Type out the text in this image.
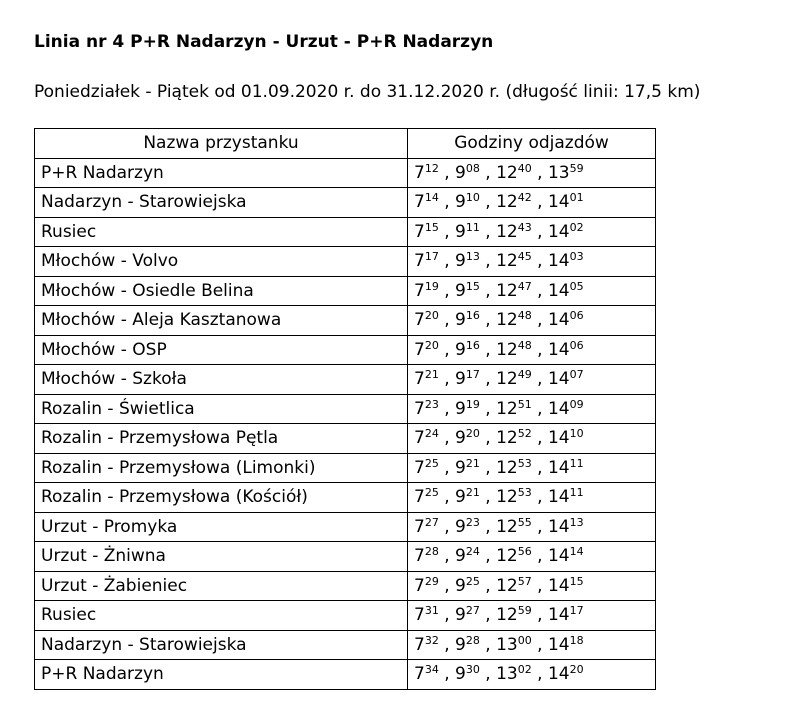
Linia nr 4 P+R Nadarzyn - Urzut - P+R Nadarzyn
Poniedziałek - Piątek od 01.09.2020 r. do 31.12.2020 r. (długość linii: 17,5 km)
Nazwa przystanku	Godziny odjazdów
P+R Nadarzyn	$7^{12}$ , $9^{08}$ , $12^{40}$ , $13^{59}$
Nadarzyn - Starowiejska	$7^{14}$ , $9^{10}$ , $12^{42}$ , $14^{01}$
Rusiec	$7^{15}$ , $9^{11}$ , $12^{43}$ , $14^{02}$
Młochów - Volvo	$7^{17}$ , $9^{13}$ , $12^{45}$ , $14^{03}$
Młochów - Osiedle Belina	$7^{19}$ , $9^{15}$ , $12^{47}$ , $14^{05}$
Młochów - Aleja Kasztanowa	$7^{20}$ , $9^{16}$ , $12^{48}$ , $14^{06}$
Młochów - OSP	$7^{20}$ , $9^{16}$ , $12^{48}$ , $14^{06}$
Młochów - Szkoła	$7^{21}$ , $9^{17}$ , $12^{49}$ , $14^{07}$
Rozalin - Świetlica	$7^{23}$ , $9^{19}$ , $12^{51}$ , $14^{09}$
Rozalin - Przemysłowa Pętla	$7^{24}$ , $9^{20}$ , $12^{52}$ , $14^{10}$
Rozalin - Przemysłowa (Limonki)	$7^{25}$ , $9^{21}$ , $12^{53}$ , $14^{11}$
Rozalin - Przemysłowa (Kościół)	$7^{25}$ , $9^{21}$ , $12^{53}$ , $14^{11}$
Urzut - Promyka	$7^{27}$ , $9^{23}$ , $12^{55}$ , $14^{13}$
Urzut - Żniwna	$7^{28}$ , $9^{24}$ , $12^{56}$ , $14^{14}$
Urzut - Żabieniec	$7^{29}$ , $9^{25}$ , $12^{57}$ , $14^{15}$
Rusiec	$7^{31}$ , $9^{27}$ , $12^{59}$ , $14^{17}$
Nadarzyn - Starowiejska	$7^{32}$ , $9^{28}$ , $13^{00}$ , $14^{18}$
P+R Nadarzyn	$7^{34}$ , $9^{30}$ , $13^{02}$ , $14^{20}$
